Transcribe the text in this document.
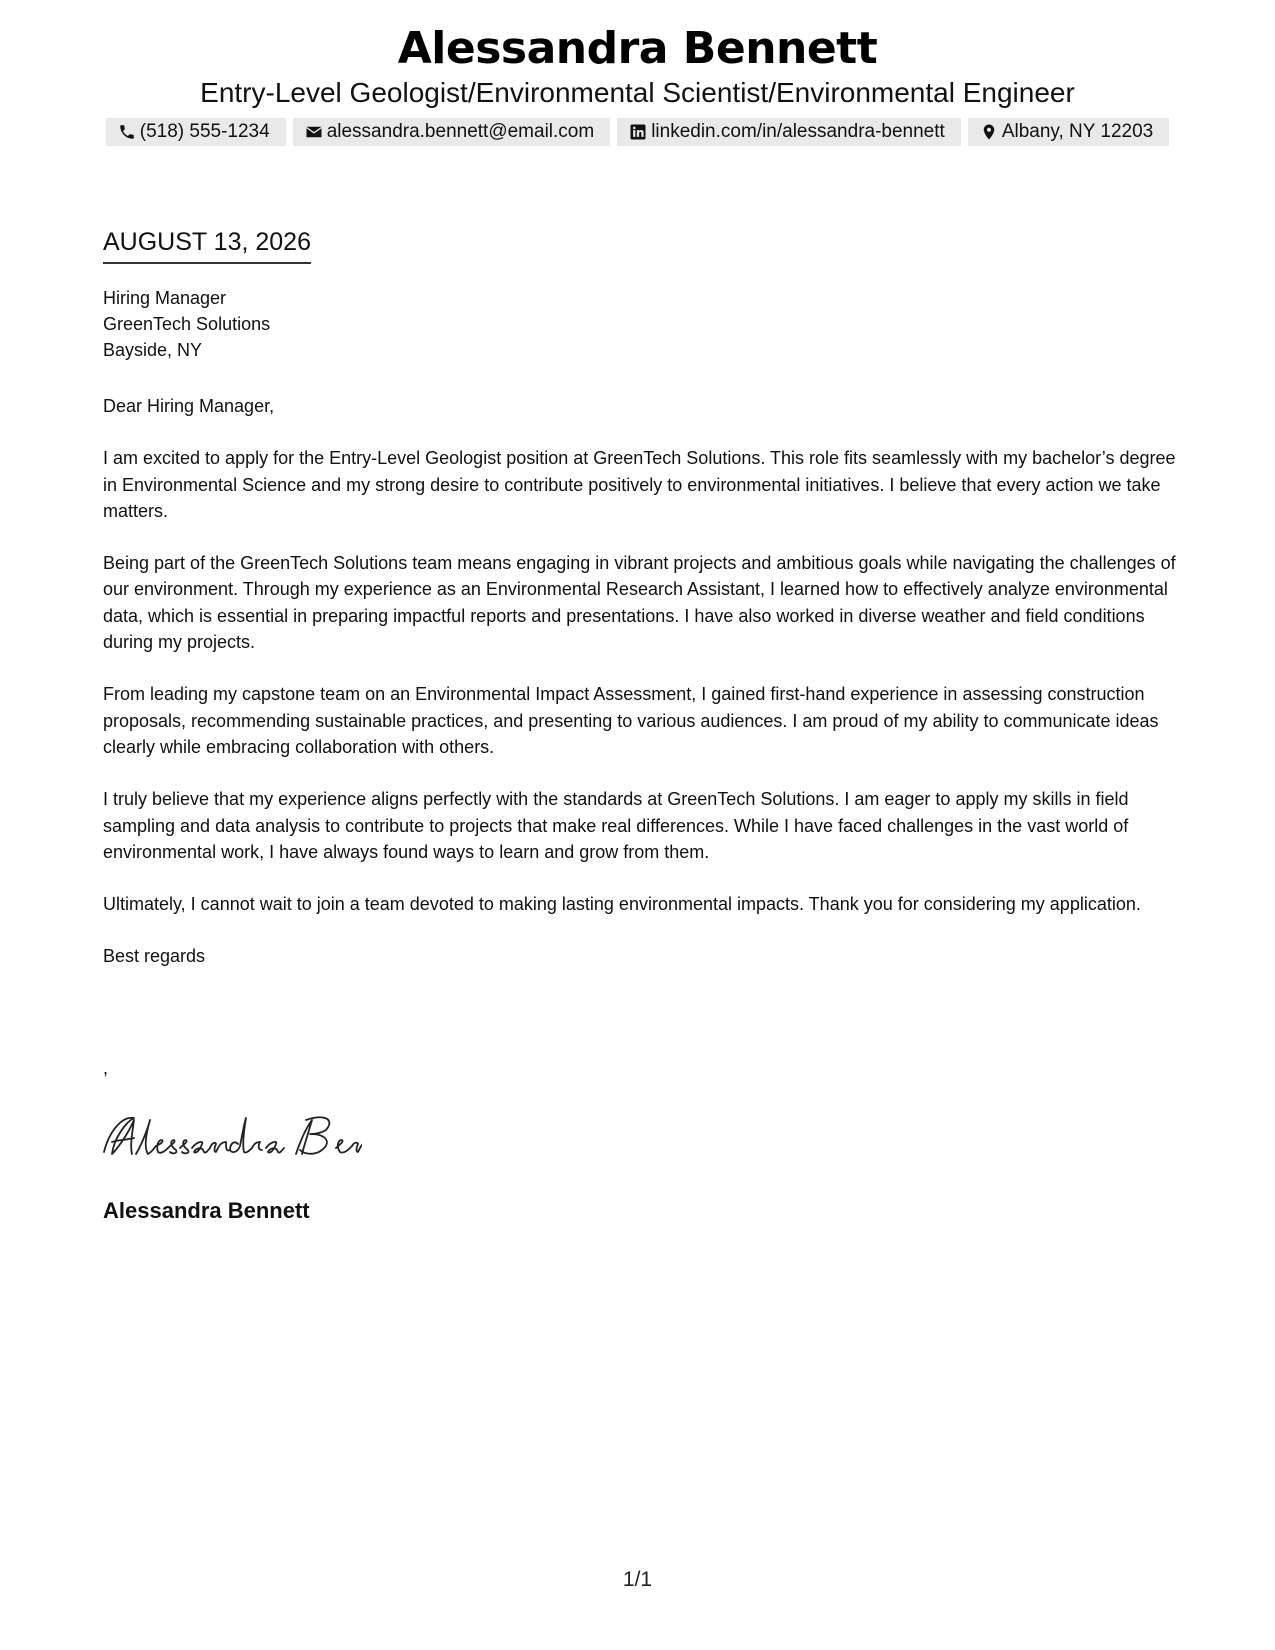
Alessandra Bennett
Entry-Level Geologist/Environmental Scientist/Environmental Engineer
(518) 555-1234	alessandra.bennett@email.com	linkedin.com/in/alessandra-bennett	Albany, NY 12203
AUGUST 13, 2026
Hiring Manager
GreenTech Solutions
Bayside, NY

Dear Hiring Manager,

I am excited to apply for the Entry-Level Geologist position at GreenTech Solutions. This role fits seamlessly with my bachelor’s degree in Environmental Science and my strong desire to contribute positively to environmental initiatives. I believe that every action we take matters.

Being part of the GreenTech Solutions team means engaging in vibrant projects and ambitious goals while navigating the challenges of our environment. Through my experience as an Environmental Research Assistant, I learned how to effectively analyze environmental data, which is essential in preparing impactful reports and presentations. I have also worked in diverse weather and field conditions during my projects.

From leading my capstone team on an Environmental Impact Assessment, I gained first-hand experience in assessing construction proposals, recommending sustainable practices, and presenting to various audiences. I am proud of my ability to communicate ideas clearly while embracing collaboration with others.

I truly believe that my experience aligns perfectly with the standards at GreenTech Solutions. I am eager to apply my skills in field sampling and data analysis to contribute to projects that make real differences. While I have faced challenges in the vast world of environmental work, I have always found ways to learn and grow from them.

Ultimately, I cannot wait to join a team devoted to making lasting environmental impacts. Thank you for considering my application.

Best regards

,
Alessandra Bennett
1/1
